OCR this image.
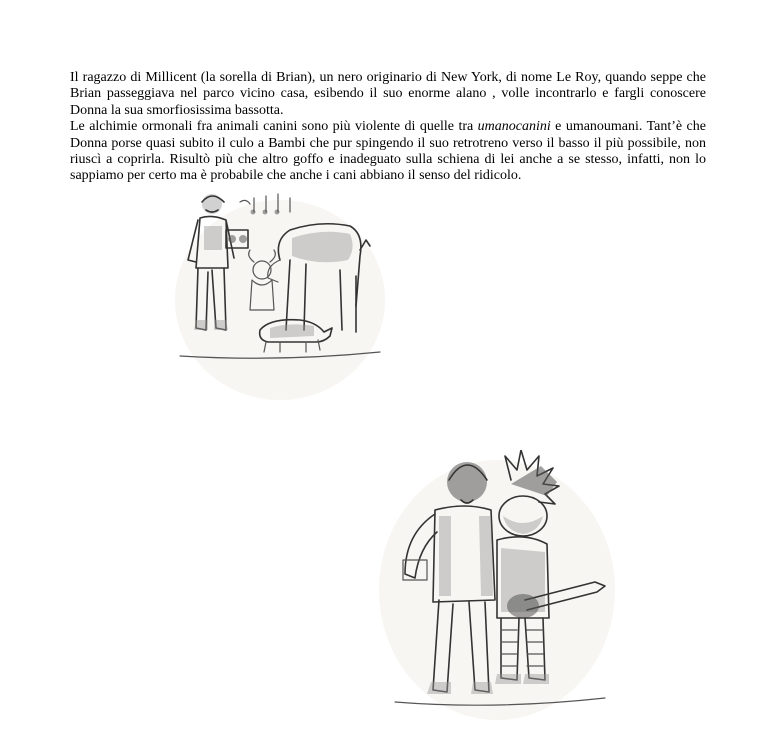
Il ragazzo di Millicent (la sorella di Brian), un nero originario di New York, di nome Le Roy, quando seppe che Brian passeggiava nel parco vicino casa, esibendo il suo enorme alano , volle incontrarlo e fargli conoscere Donna la sua smorfiosissima bassotta.

Le alchimie ormonali fra animali canini sono più violente di quelle tra umanocanini e umanoumani. Tant’è che Donna porse quasi subito il culo a Bambi che pur spingendo il suo retrotreno verso il basso il più possibile, non riuscì a coprirla. Risultò più che altro goffo e inadeguato sulla schiena di lei anche a se stesso, infatti, non lo sappiamo per certo ma è probabile che anche i cani abbiano il senso del ridicolo.
